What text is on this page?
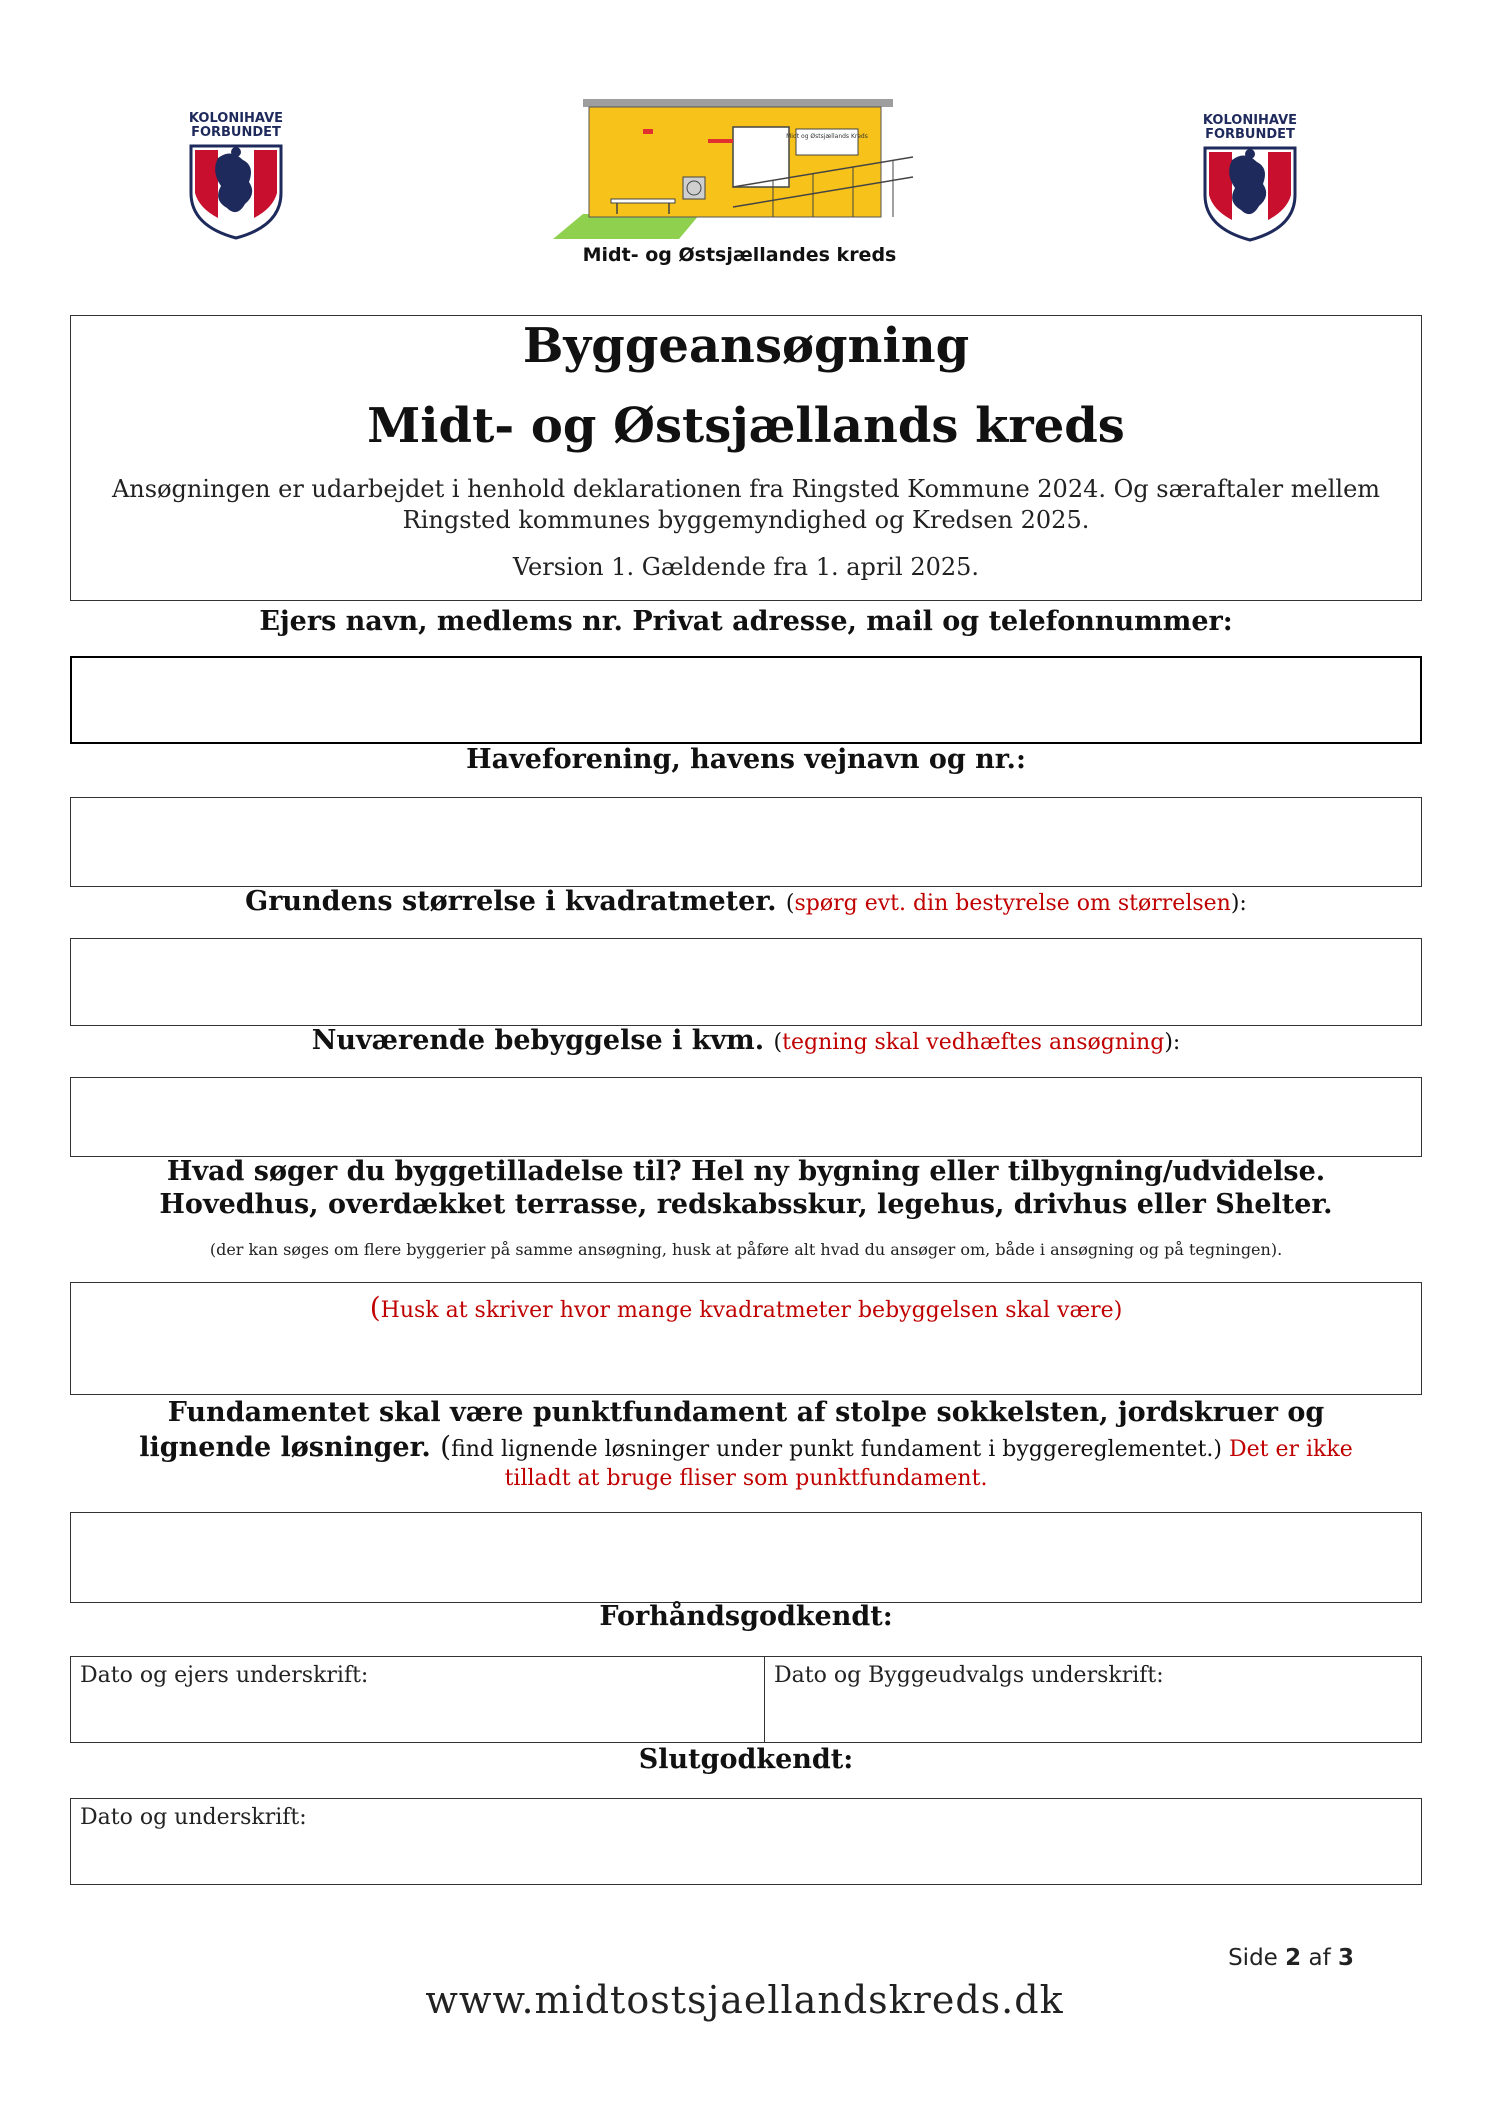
KOLONIHAVE
FORBUNDET
KOLONIHAVE
FORBUNDET
Midt og Østsjællands Kreds
Midt- og Østsjællandes kreds
Byggeansøgning
Midt- og Østsjællands kreds
Ansøgningen er udarbejdet i henhold deklarationen fra Ringsted Kommune 2024. Og særaftaler mellem Ringsted kommunes byggemyndighed og Kredsen 2025.
Version 1. Gældende fra 1. april 2025.
Ejers navn, medlems nr. Privat adresse, mail og telefonnummer:
Haveforening, havens vejnavn og nr.:
Grundens størrelse i kvadratmeter. (spørg evt. din bestyrelse om størrelsen):
Nuværende bebyggelse i kvm. (tegning skal vedhæftes ansøgning):
Hvad søger du byggetilladelse til? Hel ny bygning eller tilbygning/udvidelse.
Hovedhus, overdækket terrasse, redskabsskur, legehus, drivhus eller Shelter.
(der kan søges om flere byggerier på samme ansøgning, husk at påføre alt hvad du ansøger om, både i ansøgning og på tegningen).
(Husk at skriver hvor mange kvadratmeter bebyggelsen skal være)
Fundamentet skal være punktfundament af stolpe sokkelsten, jordskruer og
lignende løsninger. (find lignende løsninger under punkt fundament i byggereglementet.) Det er ikke
tilladt at bruge fliser som punktfundament.
Forhåndsgodkendt:
Dato og ejers underskrift:	Dato og Byggeudvalgs underskrift:
Slutgodkendt:
Dato og underskrift:
Side 2 af 3
www.midtostsjaellandskreds.dk
